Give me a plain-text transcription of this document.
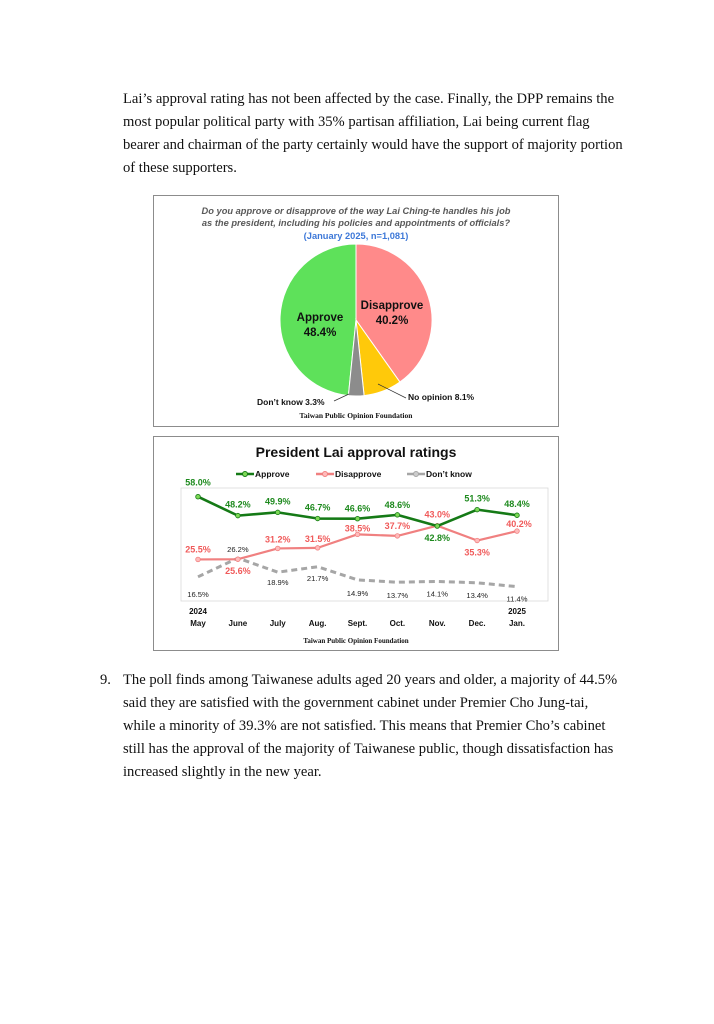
Lai’s approval rating has not been affected by the case. Finally, the DPP remains the most popular political party with 35% partisan affiliation, Lai being current flag bearer and chairman of the party certainly would have the support of majority portion of these supporters.

Do you approve or disapprove of the way Lai Ching-te handles his job
as the president, including his policies and appointments of officials?
(January 2025, n=1,081)
Approve
48.4%
Disapprove
40.2%
No opinion 8.1%
Don’t know 3.3%
Taiwan Public Opinion Foundation
President Lai approval ratings
Approve	Disapprove	Don’t know
58.0%
48.2% 49.9%
46.7% 46.6% 48.6%
42.8%
51.3%
48.4%
25.5%
25.6%
31.2% 31.5%
38.5% 37.7%
43.0%
35.3%
40.2%
16.5%
26.2%
18.9% 21.7%
14.9% 13.7% 14.1% 13.4% 11.4%
May	June	July	Aug.	Sept.	Oct.	Nov.	Dec.	Jan.
2024	2025
Taiwan Public Opinion Foundation
9. The poll finds among Taiwanese adults aged 20 years and older, a majority of 44.5% said they are satisfied with the government cabinet under Premier Cho Jung-tai, while a minority of 39.3% are not satisfied. This means that Premier Cho’s cabinet still has the approval of the majority of Taiwanese public, though dissatisfaction has increased slightly in the new year.
